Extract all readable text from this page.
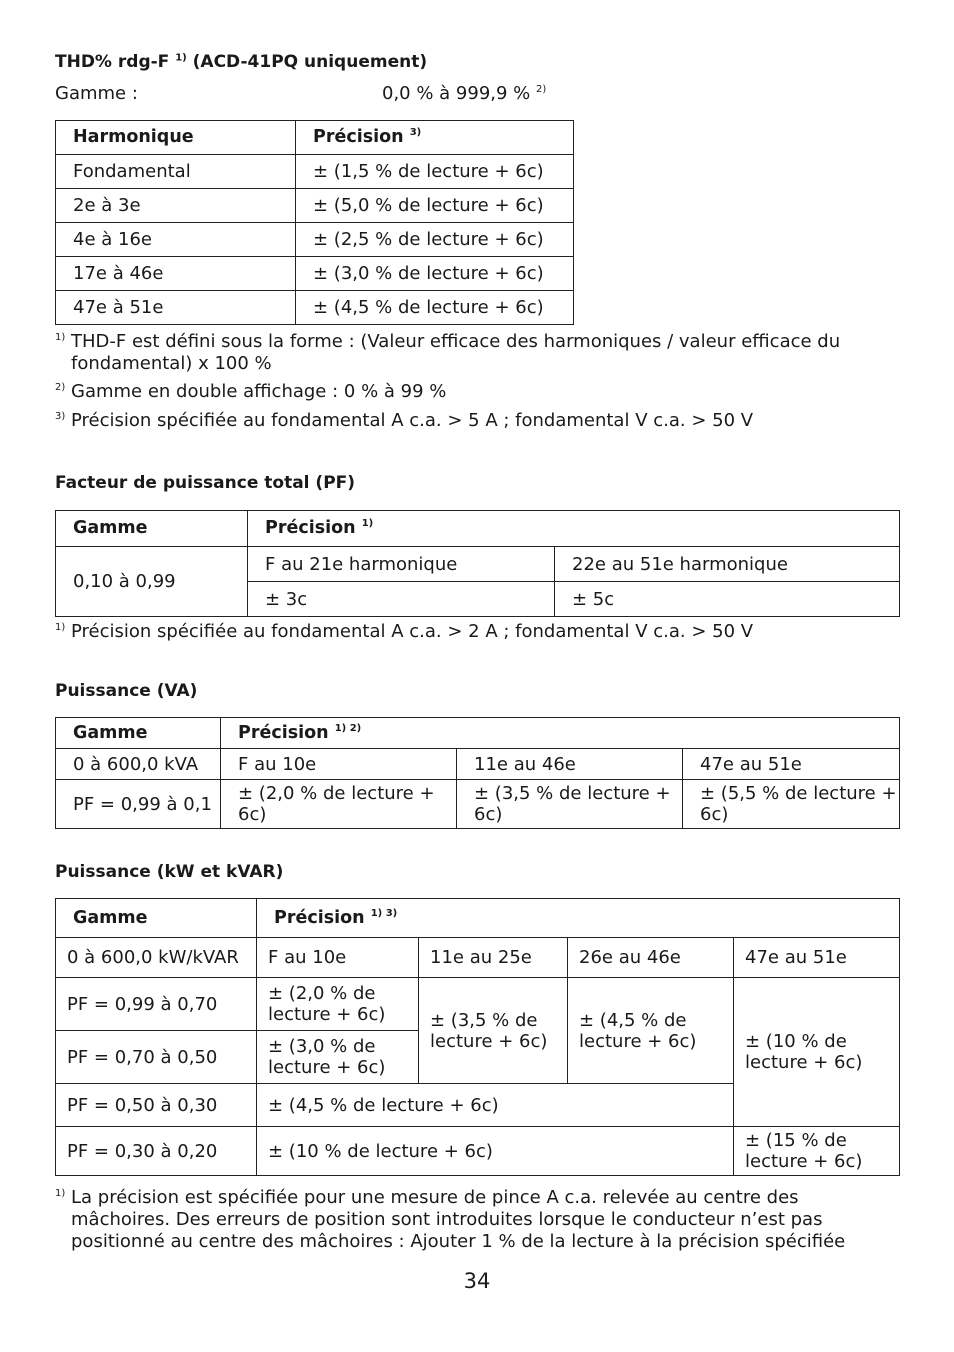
THD% rdg-F $^{1)}$ (ACD-41PQ uniquement)
Gamme :	0,0 % à 999,9 % $^{2)}$
Harmonique	Précision $^{3)}$
Fondamental	± (1,5 % de lecture + 6c)
2e à 3e	± (5,0 % de lecture + 6c)
4e à 16e	± (2,5 % de lecture + 6c)
17e à 46e	± (3,0 % de lecture + 6c)
47e à 51e	± (4,5 % de lecture + 6c)
$^{1)}$ THD-F est défini sous la forme : (Valeur efficace des harmoniques / valeur efficace du
fondamental) x 100 %
$^{2)}$ Gamme en double affichage : 0 % à 99 %
$^{3)}$ Précision spécifiée au fondamental A c.a. > 5 A ; fondamental V c.a. > 50 V
Facteur de puissance total (PF)
Gamme	Précision $^{1)}$
0,10 à 0,99	F au 21e harmonique	22e au 51e harmonique
	± 3c	± 5c
$^{1)}$ Précision spécifiée au fondamental A c.a. > 2 A ; fondamental V c.a. > 50 V
Puissance (VA)
Gamme	Précision $^{1) 2)}$
0 à 600,0 kVA	F au 10e	11e au 46e	47e au 51e
PF = 0,99 à 0,1	± (2,0 % de lecture + 6c)	± (3,5 % de lecture + 6c)	± (5,5 % de lecture + 6c)
Puissance (kW et kVAR)
Gamme	Précision $^{1) 3)}$
0 à 600,0 kW/kVAR	F au 10e	11e au 25e	26e au 46e	47e au 51e
PF = 0,99 à 0,70	± (2,0 % de lecture + 6c)	± (3,5 % de lecture + 6c)	± (4,5 % de lecture + 6c)	± (10 % de lecture + 6c)
PF = 0,70 à 0,50	± (3,0 % de lecture + 6c)			
PF = 0,50 à 0,30	± (4,5 % de lecture + 6c)			
PF = 0,30 à 0,20	± (10 % de lecture + 6c)			± (15 % de lecture + 6c)
$^{1)}$ La précision est spécifiée pour une mesure de pince A c.a. relevée au centre des
mâchoires. Des erreurs de position sont introduites lorsque le conducteur n’est pas
positionné au centre des mâchoires : Ajouter 1 % de la lecture à la précision spécifiée
34
